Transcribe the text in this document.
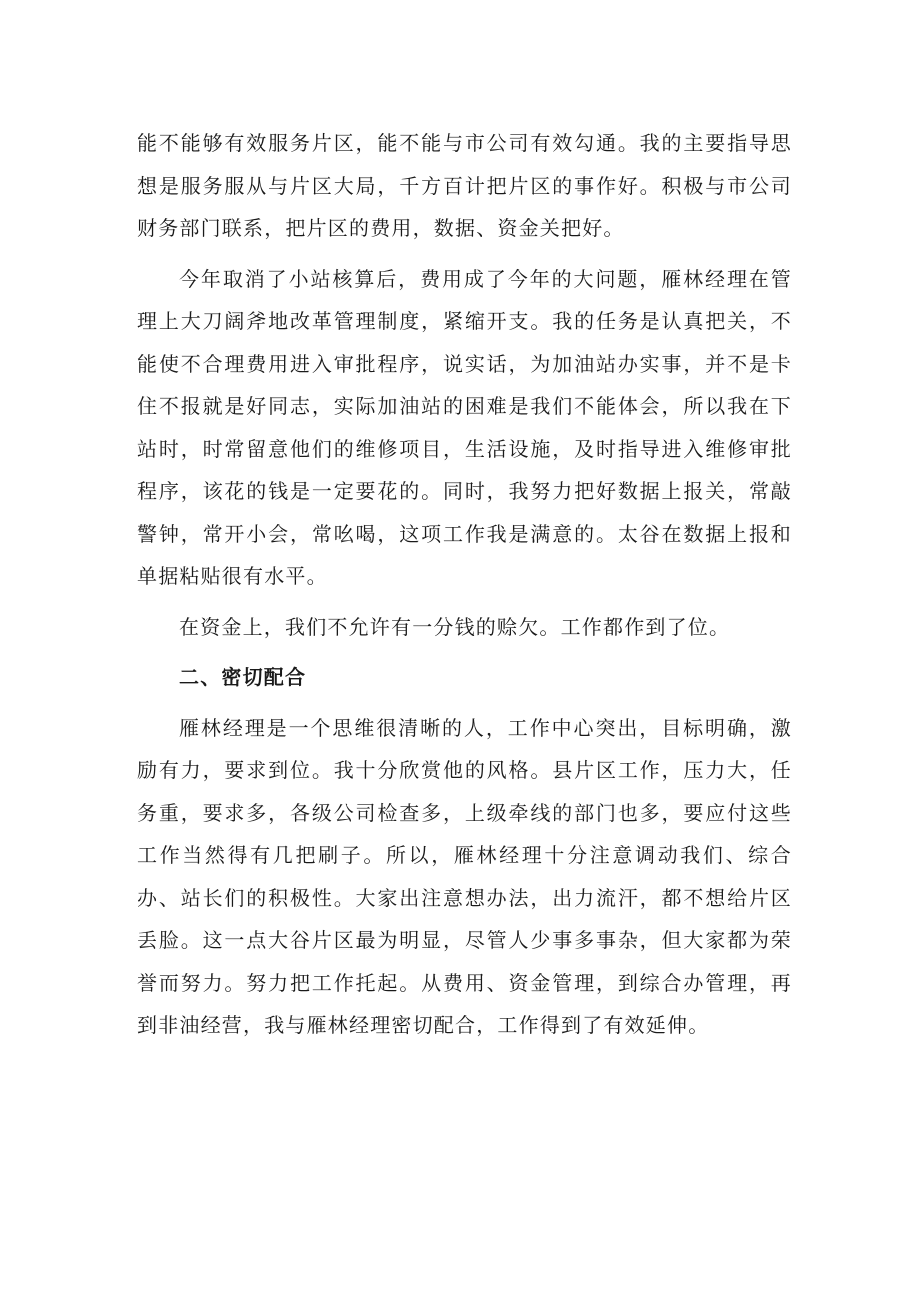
能不能够有效服务片区，能不能与市公司有效勾通。我的主要指导思想是服务服从与片区大局，千方百计把片区的事作好。积极与市公司财务部门联系，把片区的费用，数据、资金关把好。

今年取消了小站核算后，费用成了今年的大问题，雁林经理在管理上大刀阔斧地改革管理制度，紧缩开支。我的任务是认真把关，不能使不合理费用进入审批程序，说实话，为加油站办实事，并不是卡住不报就是好同志，实际加油站的困难是我们不能体会，所以我在下站时，时常留意他们的维修项目，生活设施，及时指导进入维修审批程序，该花的钱是一定要花的。同时，我努力把好数据上报关，常敲警钟，常开小会，常吆喝，这项工作我是满意的。太谷在数据上报和单据粘贴很有水平。

在资金上，我们不允许有一分钱的赊欠。工作都作到了位。

二、密切配合

雁林经理是一个思维很清晰的人，工作中心突出，目标明确，激励有力，要求到位。我十分欣赏他的风格。县片区工作，压力大，任务重，要求多，各级公司检查多，上级牵线的部门也多，要应付这些工作当然得有几把刷子。所以，雁林经理十分注意调动我们、综合办、站长们的积极性。大家出注意想办法，出力流汗，都不想给片区丢脸。这一点大谷片区最为明显，尽管人少事多事杂，但大家都为荣誉而努力。努力把工作托起。从费用、资金管理，到综合办管理，再到非油经营，我与雁林经理密切配合，工作得到了有效延伸。
